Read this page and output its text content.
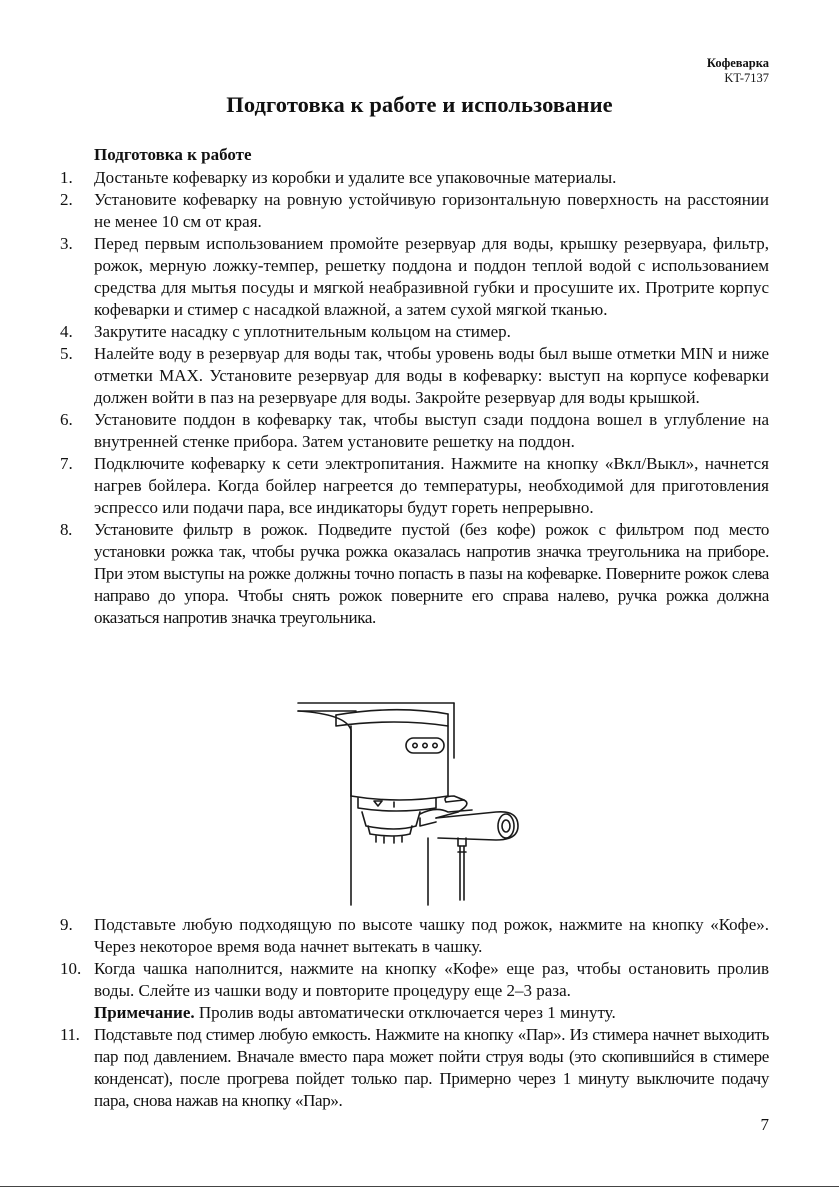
Кофеварка
KT-7137
Подготовка к работе и использование
Подготовка к работе
1.	Достаньте кофеварку из коробки и удалите все упаковочные материалы.
2.	Установите кофеварку на ровную устойчивую горизонтальную поверхность на расстоянии не менее 10 см от края.
3.	Перед первым использованием промойте резервуар для воды, крышку резервуара, фильтр, рожок, мерную ложку-темпер, решетку поддона и поддон теплой водой с использованием средства для мытья посуды и мягкой неабразивной губки и просушите их. Протрите корпус кофеварки и стимер с насадкой влажной, а затем сухой мягкой тканью.
4.	Закрутите насадку с уплотнительным кольцом на стимер.
5.	Налейте воду в резервуар для воды так, чтобы уровень воды был выше отметки MIN и ниже отметки MAX. Установите резервуар для воды в кофеварку: выступ на корпусе кофеварки должен войти в паз на резервуаре для воды. Закройте резервуар для воды крышкой.
6.	Установите поддон в кофеварку так, чтобы выступ сзади поддона вошел в углубление на внутренней стенке прибора. Затем установите решетку на поддон.
7.	Подключите кофеварку к сети электропитания. Нажмите на кнопку «Вкл/Выкл», начнется нагрев бойлера. Когда бойлер нагреется до температуры, необходимой для приготовления эспрессо или подачи пара, все индикаторы будут гореть непрерывно.
8.	Установите фильтр в рожок. Подведите пустой (без кофе) рожок с фильтром под место установки рожка так, чтобы ручка рожка оказалась напротив значка треугольника на приборе. При этом выступы на рожке должны точно попасть в пазы на кофеварке. Поверните рожок слева направо до упора. Чтобы снять рожок поверните его справа налево, ручка рожка должна оказаться напротив значка треугольника.
9.	Подставьте любую подходящую по высоте чашку под рожок, нажмите на кнопку «Кофе». Через некоторое время вода начнет вытекать в чашку.
10. Когда чашка наполнится, нажмите на кнопку «Кофе» еще раз, чтобы остановить пролив воды. Слейте из чашки воду и повторите процедуру еще 2–3 раза.
Примечание. Пролив воды автоматически отключается через 1 минуту.
11. Подставьте под стимер любую емкость. Нажмите на кнопку «Пар». Из стимера начнет выходить пар под давлением. Вначале вместо пара может пойти струя воды (это скопившийся в стимере конденсат), после прогрева пойдет только пар. Примерно через 1 минуту выключите подачу пара, снова нажав на кнопку «Пар».
7
